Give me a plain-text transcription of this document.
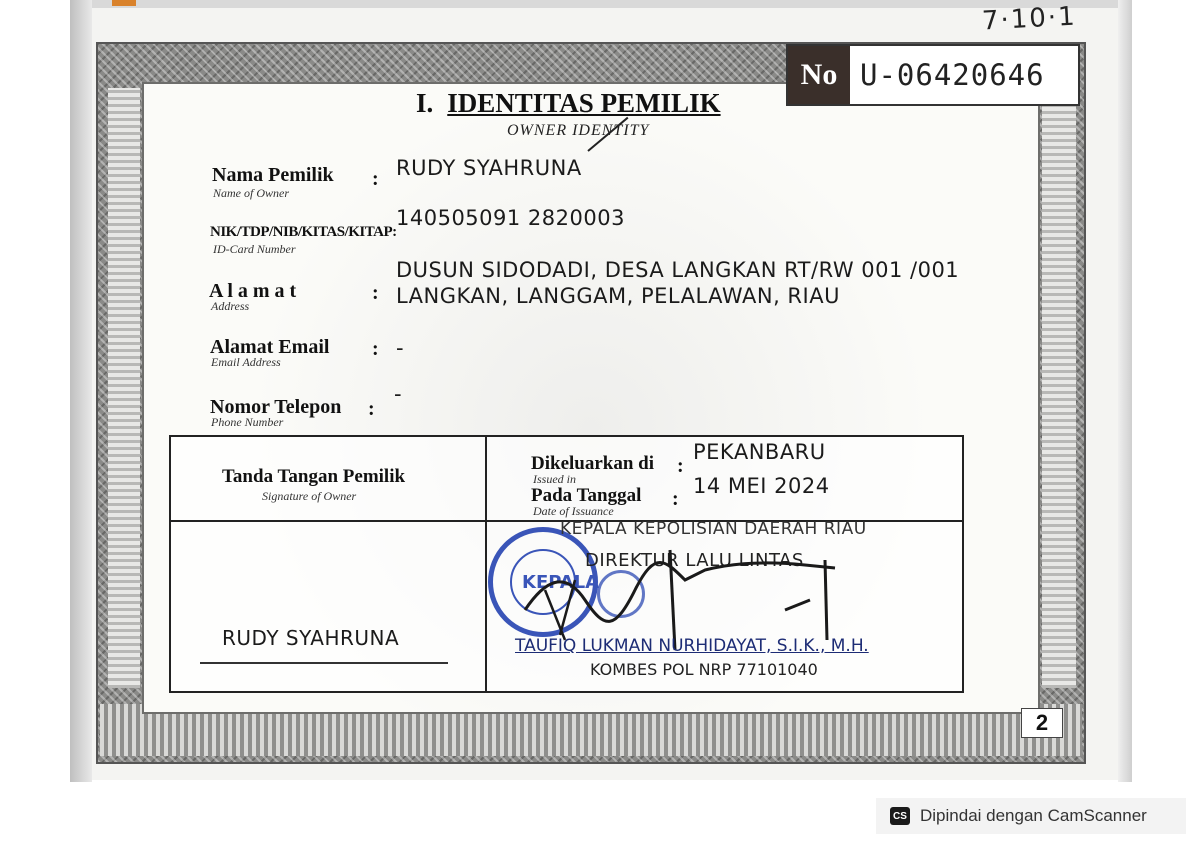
7·10·1
No U-06420646
I. IDENTITAS PEMILIK
OWNER IDENTITY
Nama Pemilik
Name of Owner
: RUDY SYAHRUNA
NIK/TDP/NIB/KITAS/KITAP:
ID-Card Number
140505091 2820003
A l a m a t
Address
:
DUSUN SIDODADI, DESA LANGKAN RT/RW 001 /001
LANGKAN, LANGGAM, PELALAWAN, RIAU
Alamat Email
Email Address
: -
Nomor Telepon
Phone Number
:
-
Tanda Tangan Pemilik
Signature of Owner
Dikeluarkan di
Issued in
:
PEKANBARU
Pada Tanggal
Date of Issuance
:
14 MEI 2024
KEPALA
KEPALA KEPOLISIAN DAERAH RIAU
DIREKTUR LALU LINTAS
TAUFIQ LUKMAN NURHIDAYAT, S.I.K., M.H.
KOMBES POL NRP 77101040
RUDY SYAHRUNA
2
CS Dipindai dengan CamScanner
